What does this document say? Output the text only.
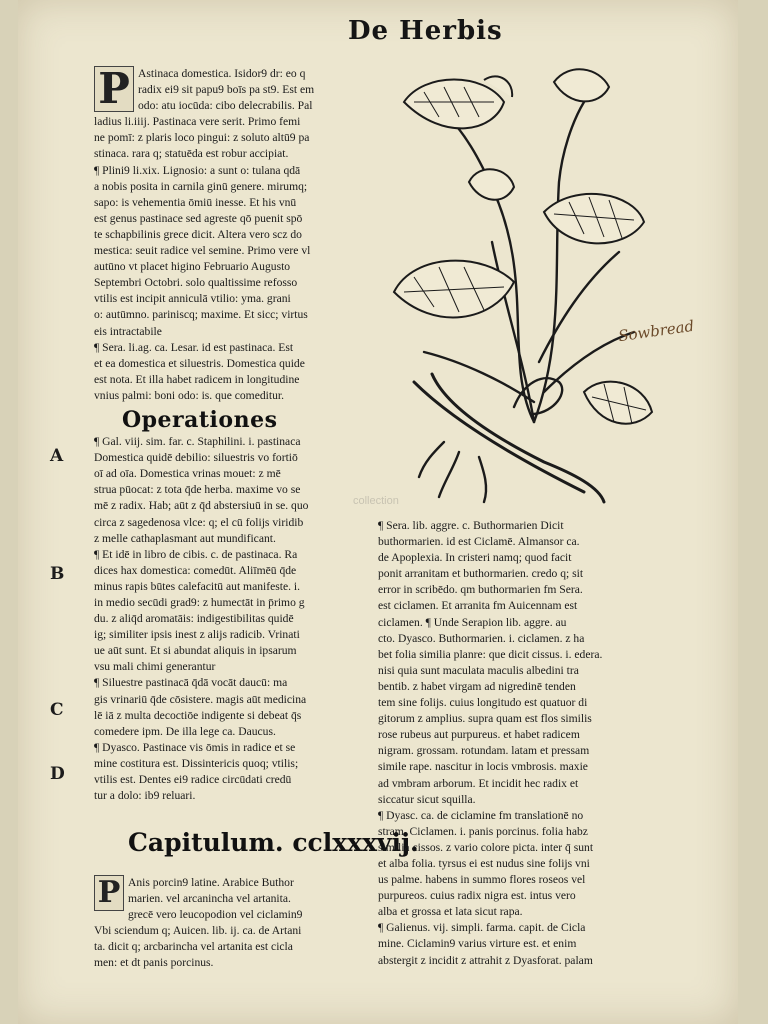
De Herbis
P Astinaca domestica. Isidor9 dr: eo q

radix ei9 sit papu9 boīs pa st9. Est em

odo: atu iocūda: cibo delecrabilis. Pal

ladius li.iiij. Pastinaca vere serit. Primo femi

ne pomī: z plaris loco pingui: z soluto altū9 pa

stinaca. rara q; statuēda est robur accipiat.

¶ Plini9 li.xix. Lignosio: a sunt o: tulana qdā

a nobis posita in carnila ginū genere. mirumq;

sapo: is vehementia ōmiū inesse. Et his vnū

est genus pastinace sed agreste qō puenit spō

te schapbilinis grece dicit. Altera vero scz do

mestica: seuit radice vel semine. Primo vere vl

autūno vt placet higino Februario Augusto

Septembri Octobri. solo qualtissime refosso

vtilis est incipit anniculā vtilio: yma. grani

o: autūmno. pariniscq; maxime. Et sicc; virtus

eis intractabile

¶ Sera. li.ag. ca. Lesar. id est pastinaca. Est

et ea domestica et siluestris. Domestica quide

est nota. Et illa habet radicem in longitudine

vnius palmi: boni odo: is. que comeditur.

Operationes

¶ Gal. viij. sim. far. c. Staphilini. i. pastinaca

Domestica quidē debilio: siluestris vo fortiō

oī ad oīa. Domestica vrinas mouet: z mē

strua pūocat: z tota q̄de herba. maxime vo se

mē z radix. Hab; aūt z q̄d abstersiuū in se. quo

circa z sagedenosa vlce: q; el cū folijs viridib

z melle cathaplasmant aut mundificant.

¶ Et idē in libro de cibis. c. de pastinaca. Ra

dices hax domestica: comedūt. Aliīmēū q̄de

minus rapis būtes calefacitū aut manifeste. i.

in medio secūdi grad9: z humectāt in p̄rimo g

du. z aliq̄d aromatāis: indigestibilitas quidē

ig; similiter ipsis inest z alijs radicib. Vrinati

ue aūt sunt. Et si abundat aliquis in ipsarum

vsu mali chimi generantur

¶ Siluestre pastinacā q̄dā vocāt daucū: ma

gis vrinariū q̄de cōsistere. magis aūt medicina

lē iā z multa decoctiōe indigente si debeat q̄s

comedere ipm. De illa lege ca. Daucus.

¶ Dyasco. Pastinace vis ōmis in radice et se

mine costitura est. Dissintericis quoq; vtilis;

vtilis est. Dentes ei9 radice circūdati credū

tur a dolo: ib9 reluari.

A
B
C
D
Capitulum. cclxxxvij.
P Anis porcin9 latine. Arabice Buthor

marien. vel arcanincha vel artanita.

grecē vero leucopodion vel ciclamin9

Vbi sciendum q; Auicen. lib. ij. ca. de Artani

ta. dicit q; arcbarincha vel artanita est cicla

men: et dt panis porcinus.

Sowbread
collection

¶ Sera. lib. aggre. c. Buthormarien Dicit

buthormarien. id est Ciclamē. Almansor ca.

de Apoplexia. In cristeri namq; quod facit

ponit arranitam et buthormarien. credo q; sit

error in scribēdo. qm buthormarien fm Sera.

est ciclamen. Et arranita fm Auicennam est

ciclamen. ¶ Unde Serapion lib. aggre. au

cto. Dyasco. Buthormarien. i. ciclamen. z ha

bet folia similia planre: que dicit cissus. i. edera.

nisi quia sunt maculata maculis albedini tra

bentib. z habet virgam ad nigredinē tenden

tem sine folijs. cuius longitudo est quatuor di

gitorum z amplius. supra quam est flos similis

rose rubeus aut purpureus. et habet radicem

nigram. grossam. rotundam. latam et pressam

simile rape. nascitur in locis vmbrosis. maxie

ad vmbram arborum. Et incidit hec radix et

siccatur sicut squilla.

¶ Dyasc. ca. de ciclamine fm translationē no

stram. Ciclamen. i. panis porcinus. folia habz

similia cissos. z vario colore picta. inter q̄ sunt

et alba folia. tyrsus ei est nudus sine folijs vni

us palme. habens in summo flores roseos vel

purpureos. cuius radix nigra est. intus vero

alba et grossa et lata sicut rapa.

¶ Galienus. vij. simpli. farma. capit. de Cicla

mine. Ciclamin9 varius virture est. et enim

abstergit z incidit z attrahit z Dyasforat. palam
